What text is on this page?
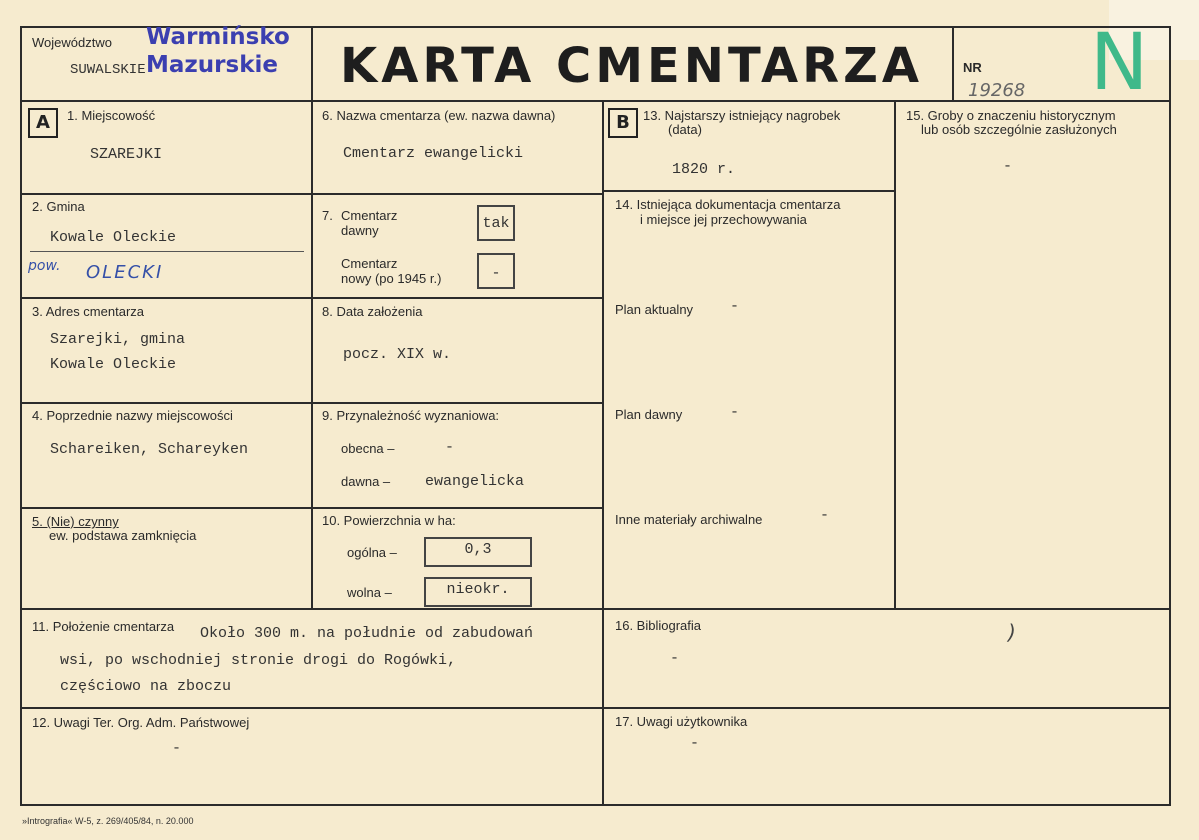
Województwo
SUWALSKIE
Warmińsko
Mazurskie KARTA CMENTARZA	NR
19268 N
A	B
1. Miejscowość
SZAREJKI
2. Gmina
Kowale Oleckie
pow. OLECKI
3. Adres cmentarza
Szarejki, gmina
Kowale Oleckie
4. Poprzednie nazwy miejscowości
Schareiken, Schareyken
5. (Nie) czynny
ew. podstawa zamknięcia
6. Nazwa cmentarza (ew. nazwa dawna)
Cmentarz ewangelicki
7. Cmentarz
dawny	tak
Cmentarz
nowy (po 1945 r.)	-
8. Data założenia
pocz. XIX w.
9. Przynależność wyznaniowa:
obecna –	-
dawna – ewangelicka
10. Powierzchnia w ha:
ogólna –	0,3
wolna –	nieokr.
11. Położenie cmentarza Około 300 m. na południe od zabudowań
wsi, po wschodniej stronie drogi do Rogówki,
częściowo na zboczu
12. Uwagi Ter. Org. Adm. Państwowej
-
13. Najstarszy istniejący nagrobek
(data)
1820 r.
14. Istniejąca dokumentacja cmentarza
i miejsce jej przechowywania
Plan aktualny -
Plan dawny	-
Inne materiały archiwalne	-
15. Groby o znaczeniu historycznym
lub osób szczególnie zasłużonych
-
16. Bibliografia
-
)
17. Uwagi użytkownika
-
»Intrografia« W-5, z. 269/405/84, n. 20.000
